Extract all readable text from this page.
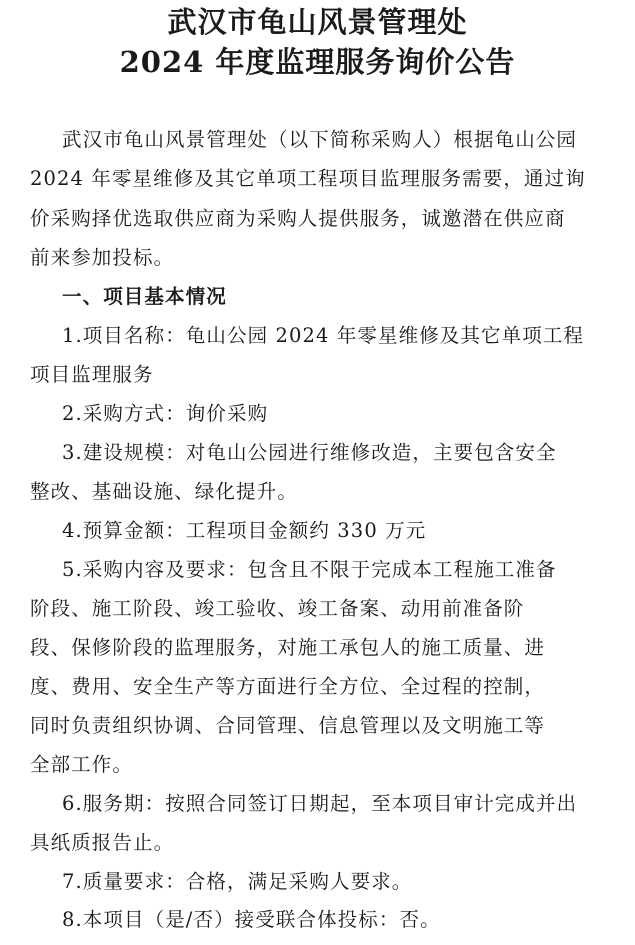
武汉市龟山风景管理处
2024 年度监理服务询价公告
武汉市龟山风景管理处（以下简称采购人）根据龟山公园
2024 年零星维修及其它单项工程项目监理服务需要，通过询
价采购择优选取供应商为采购人提供服务，诚邀潜在供应商
前来参加投标。
一、项目基本情况
1.项目名称：龟山公园 2024 年零星维修及其它单项工程
项目监理服务
2.采购方式：询价采购
3.建设规模：对龟山公园进行维修改造，主要包含安全
整改、基础设施、绿化提升。
4.预算金额：工程项目金额约 330 万元
5.采购内容及要求：包含且不限于完成本工程施工准备
阶段、施工阶段、竣工验收、竣工备案、动用前准备阶
段、保修阶段的监理服务，对施工承包人的施工质量、进
度、费用、安全生产等方面进行全方位、全过程的控制，
同时负责组织协调、合同管理、信息管理以及文明施工等
全部工作。
6.服务期：按照合同签订日期起，至本项目审计完成并出
具纸质报告止。
7.质量要求：合格，满足采购人要求。
8.本项目（是/否）接受联合体投标：否。
